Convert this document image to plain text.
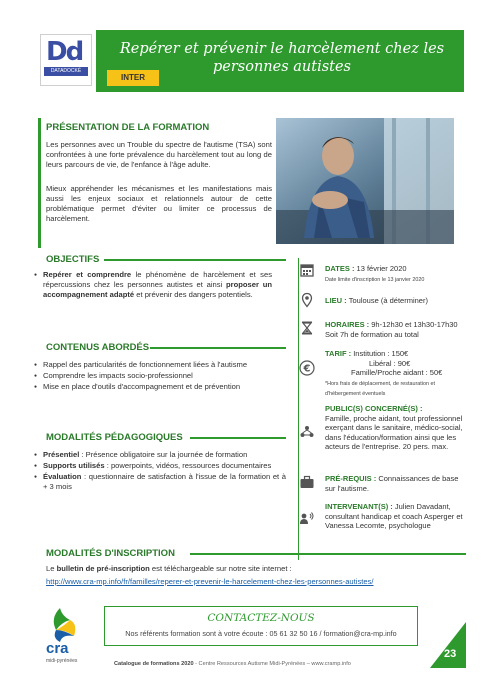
Dd
DATADOCKÉ
Repérer et prévenir le harcèlement chez les personnes autistes
INTER
PRÉSENTATION DE LA FORMATION
Les personnes avec un Trouble du spectre de l'autisme (TSA) sont confrontées à une forte prévalence du harcèlement tout au long de leurs parcours de vie, de l'enfance à l'âge adulte.
Mieux appréhender les mécanismes et les manifestations mais aussi les enjeux sociaux et relationnels autour de cette problématique permet d'éviter ou limiter ce processus de harcèlement.
OBJECTIFS
● Repérer et comprendre le phénomène de harcèlement et ses répercussions chez les personnes autistes et ainsi proposer un accompagnement adapté et prévenir des dangers potentiels.
CONTENUS ABORDÉS
● Rappel des particularités de fonctionnement liées à l'autisme
● Comprendre les impacts socio-professionnel
● Mise en place d'outils d'accompagnement et de prévention
MODALITÉS PÉDAGOGIQUES
● Présentiel : Présence obligatoire sur la journée de formation
● Supports utilisés : powerpoints, vidéos, ressources documentaires
● Évaluation : questionnaire de satisfaction à l'issue de la formation et à + 3 mois
DATES : 13 février 2020
Date limite d'inscription le 13 janvier 2020
LIEU : Toulouse (à déterminer)
HORAIRES : 9h-12h30 et 13h30-17h30
Soit 7h de formation au total
€
TARIF : Institution : 150€
Libéral : 90€
Famille/Proche aidant : 50€
*Hors frais de déplacement, de restauration et d'hébergement éventuels
PUBLIC(S) CONCERNÉ(S) :
Famille, proche aidant, tout professionnel exerçant dans le sanitaire, médico-social, dans l'éducation/formation ainsi que les acteurs de l'entreprise. 20 pers. max.
PRÉ-REQUIS : Connaissances de base sur l'autisme.
INTERVENANT(S) : Julien Davadant, consultant handicap et coach Asperger et Vanessa Lecomte, psychologue
MODALITÉS D'INSCRIPTION
Le bulletin de pré-inscription est téléchargeable sur notre site internet :
http://www.cra-mp.info/fr/familles/reperer-et-prevenir-le-harcelement-chez-les-personnes-autistes/
cra
midi-pyrénées
CONTACTEZ-NOUS
Nos référents formation sont à votre écoute : 05 61 32 50 16 / formation@cra-mp.info
Catalogue de formations 2020 - Centre Ressources Autisme Midi-Pyrénées – www.cramp.info
23
